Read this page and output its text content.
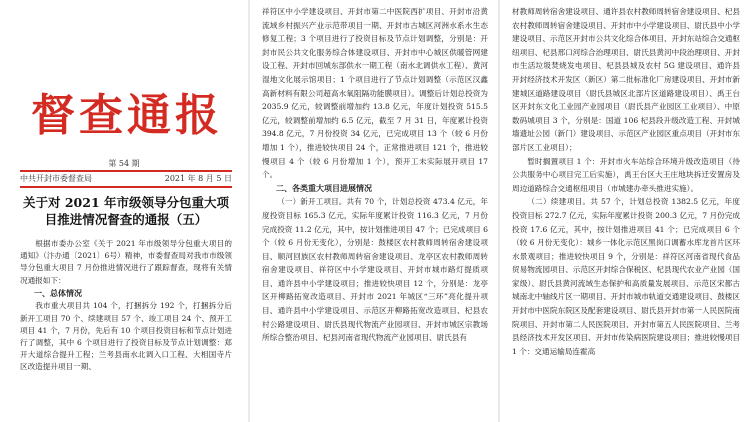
督查通报
第 54 期
中共开封市委督查局	2021 年 8 月 5 日
关于对 2021 年市级领导分包重大项目推进情况督查的通报（五）

根据市委办公室《关于 2021 年市级领导分包重大项目的通知》（汴办通〔2021〕6号）精神，市委督查局对我市市级领导分包重大项目 7 月份推进情况进行了跟踪督查，现将有关情况通报如下：

一、总体情况

我市重大项目共 104 个，打捆拆分 192 个，打捆拆分后新开工项目 70 个、续建项目 57 个、竣工项目 24 个、预开工项目 41 个，7 月份，先后有 10 个项目投资目标和节点计划进行了调整，其中 6 个项目进行了投资目标及节点计划调整：郑开大道综合提升工程；兰考县南水北调入口工程、大相国寺片区改造提升项目一期、

祥符区中小学建设项目、开封市第二中医院西扩项目、开封市沿黄流域乡村振兴产业示范带项目一期、开封市古城区河洲水系水生态修复工程；3 个项目进行了投资目标及节点计划调整，分别是：开封市民公共文化服务综合体建设项目、开封市中心城区供暖管网建设工程、开封市回城东部供水一期工程（南水北调供水工程）、黄河湿地文化展示馆项目；1 个项目进行了节点计划调整（示范区汉鑫高新材料有限公司超高水氧阻隔功能膜项目）。调整后计划总投资为 2035.9 亿元，较调整前增加约 13.8 亿元，年度计划投资 515.5 亿元，较调整前增加约 6.5 亿元，截至 7 月 31 日，年度累计投资 394.8 亿元，7 月份投资 34 亿元，已完成项目 13 个（较 6 月份增加 1 个），推进较快项目 24 个，正常推进项目 121 个，推进较慢项目 4 个（较 6 月份增加 1 个），预开工未实际展开项目 17 个。

二、各类重大项目进展情况

（一）新开工项目。共有 70 个，计划总投资 473.4 亿元，年度投资目标 165.3 亿元，实际年度累计投资 116.3 亿元，7 月份完成投资 11.2 亿元，其中，按计划推进项目 47 个；已完成项目 6 个（较 6 月份无变化），分别是：鼓楼区农村教师周转宿舍建设项目、顺河回族区农村教师周转宿舍建设项目、龙亭区农村教师周转宿舍建设项目、祥符区中小学建设项目、开封市城市路灯提质项目、通许县中小学建设项目；推进较快项目 12 个，分别是：龙亭区开柳路拓宽改造项目、开封市 2021 年城区“三环”亮化提升项目、通许县中小学建设项目、示范区开柳路拓宽改造项目、杞县农村公路建设项目、尉氏县现代物流产业园项目、开封市城区宗教场所综合整治项目、杞县河南省现代物流产业园项目、尉氏县有

材教师周转宿舍建设项目、通许县农村教师周转宿舍建设项目、杞县农村教师周转宿舍建设项目、开封市中小学建设项目、尉氏县中小学建设项目、示范区开封市公共文化综合体项目、开封东站综合交通枢纽项目、杞县邢口河综合治理项目、尉氏县黄河中段治理项目、开封市生活垃圾焚烧发电项目、杞县县城及农村 5G 建设项目、通许县开封经济技术开发区（新区）第二批标准化厂房建设项目、开封市新建城区道路建设项目（尉氏县城区北部片区道路建设项目）、禹王台区开封东文化工业园产业园项目（尉氏县产业园区工业项目）、中原数码城项目 3 个，分别是：国道 106 杞县段升级改造工程、开封城墙遗址公园（新门）建设项目、示范区产业园区重点项目（开封市东部片区工业项目）；

暂时搁置项目 1 个：开封市火车站综合环境升级改造项目（待公共服务中心项目完工后实施），禹王台区大王庄地块拆迁安置房及周边道路综合交通枢纽项目（市城建办牵头推进实施）。

（二）续建项目。共 57 个，计划总投资 1382.5 亿元，年度投资目标 272.7 亿元，实际年度累计投资 200.3 亿元，7 月份完成投资 17.6 亿元，其中，按计划推进项目 41 个；已完成项目 6 个（较 6 月份无变化）：城乡一体化示范区黑岗口调蓄水库龙首片区环水景观项目；推进较快项目 9 个，分别是：祥符区河南省现代食品贸易物流园项目、示范区开封综合保税区、杞县现代农业产业园（国家级）、尉氏县黄河流域生态保护和高质量发展项目、示范区宋都古城南北中轴线片区一期项目、开封市城市轨道交通建设项目、鼓楼区开封市中医院东院区及配套建设项目、尉氏县开封市第一人民医院南院项目、开封市第二人民医院项目、开封市第五人民医院项目、兰考县经济技术开发区项目、开封市传染病医院建设项目；推进较慢项目 1 个：交通运输局连霍高
